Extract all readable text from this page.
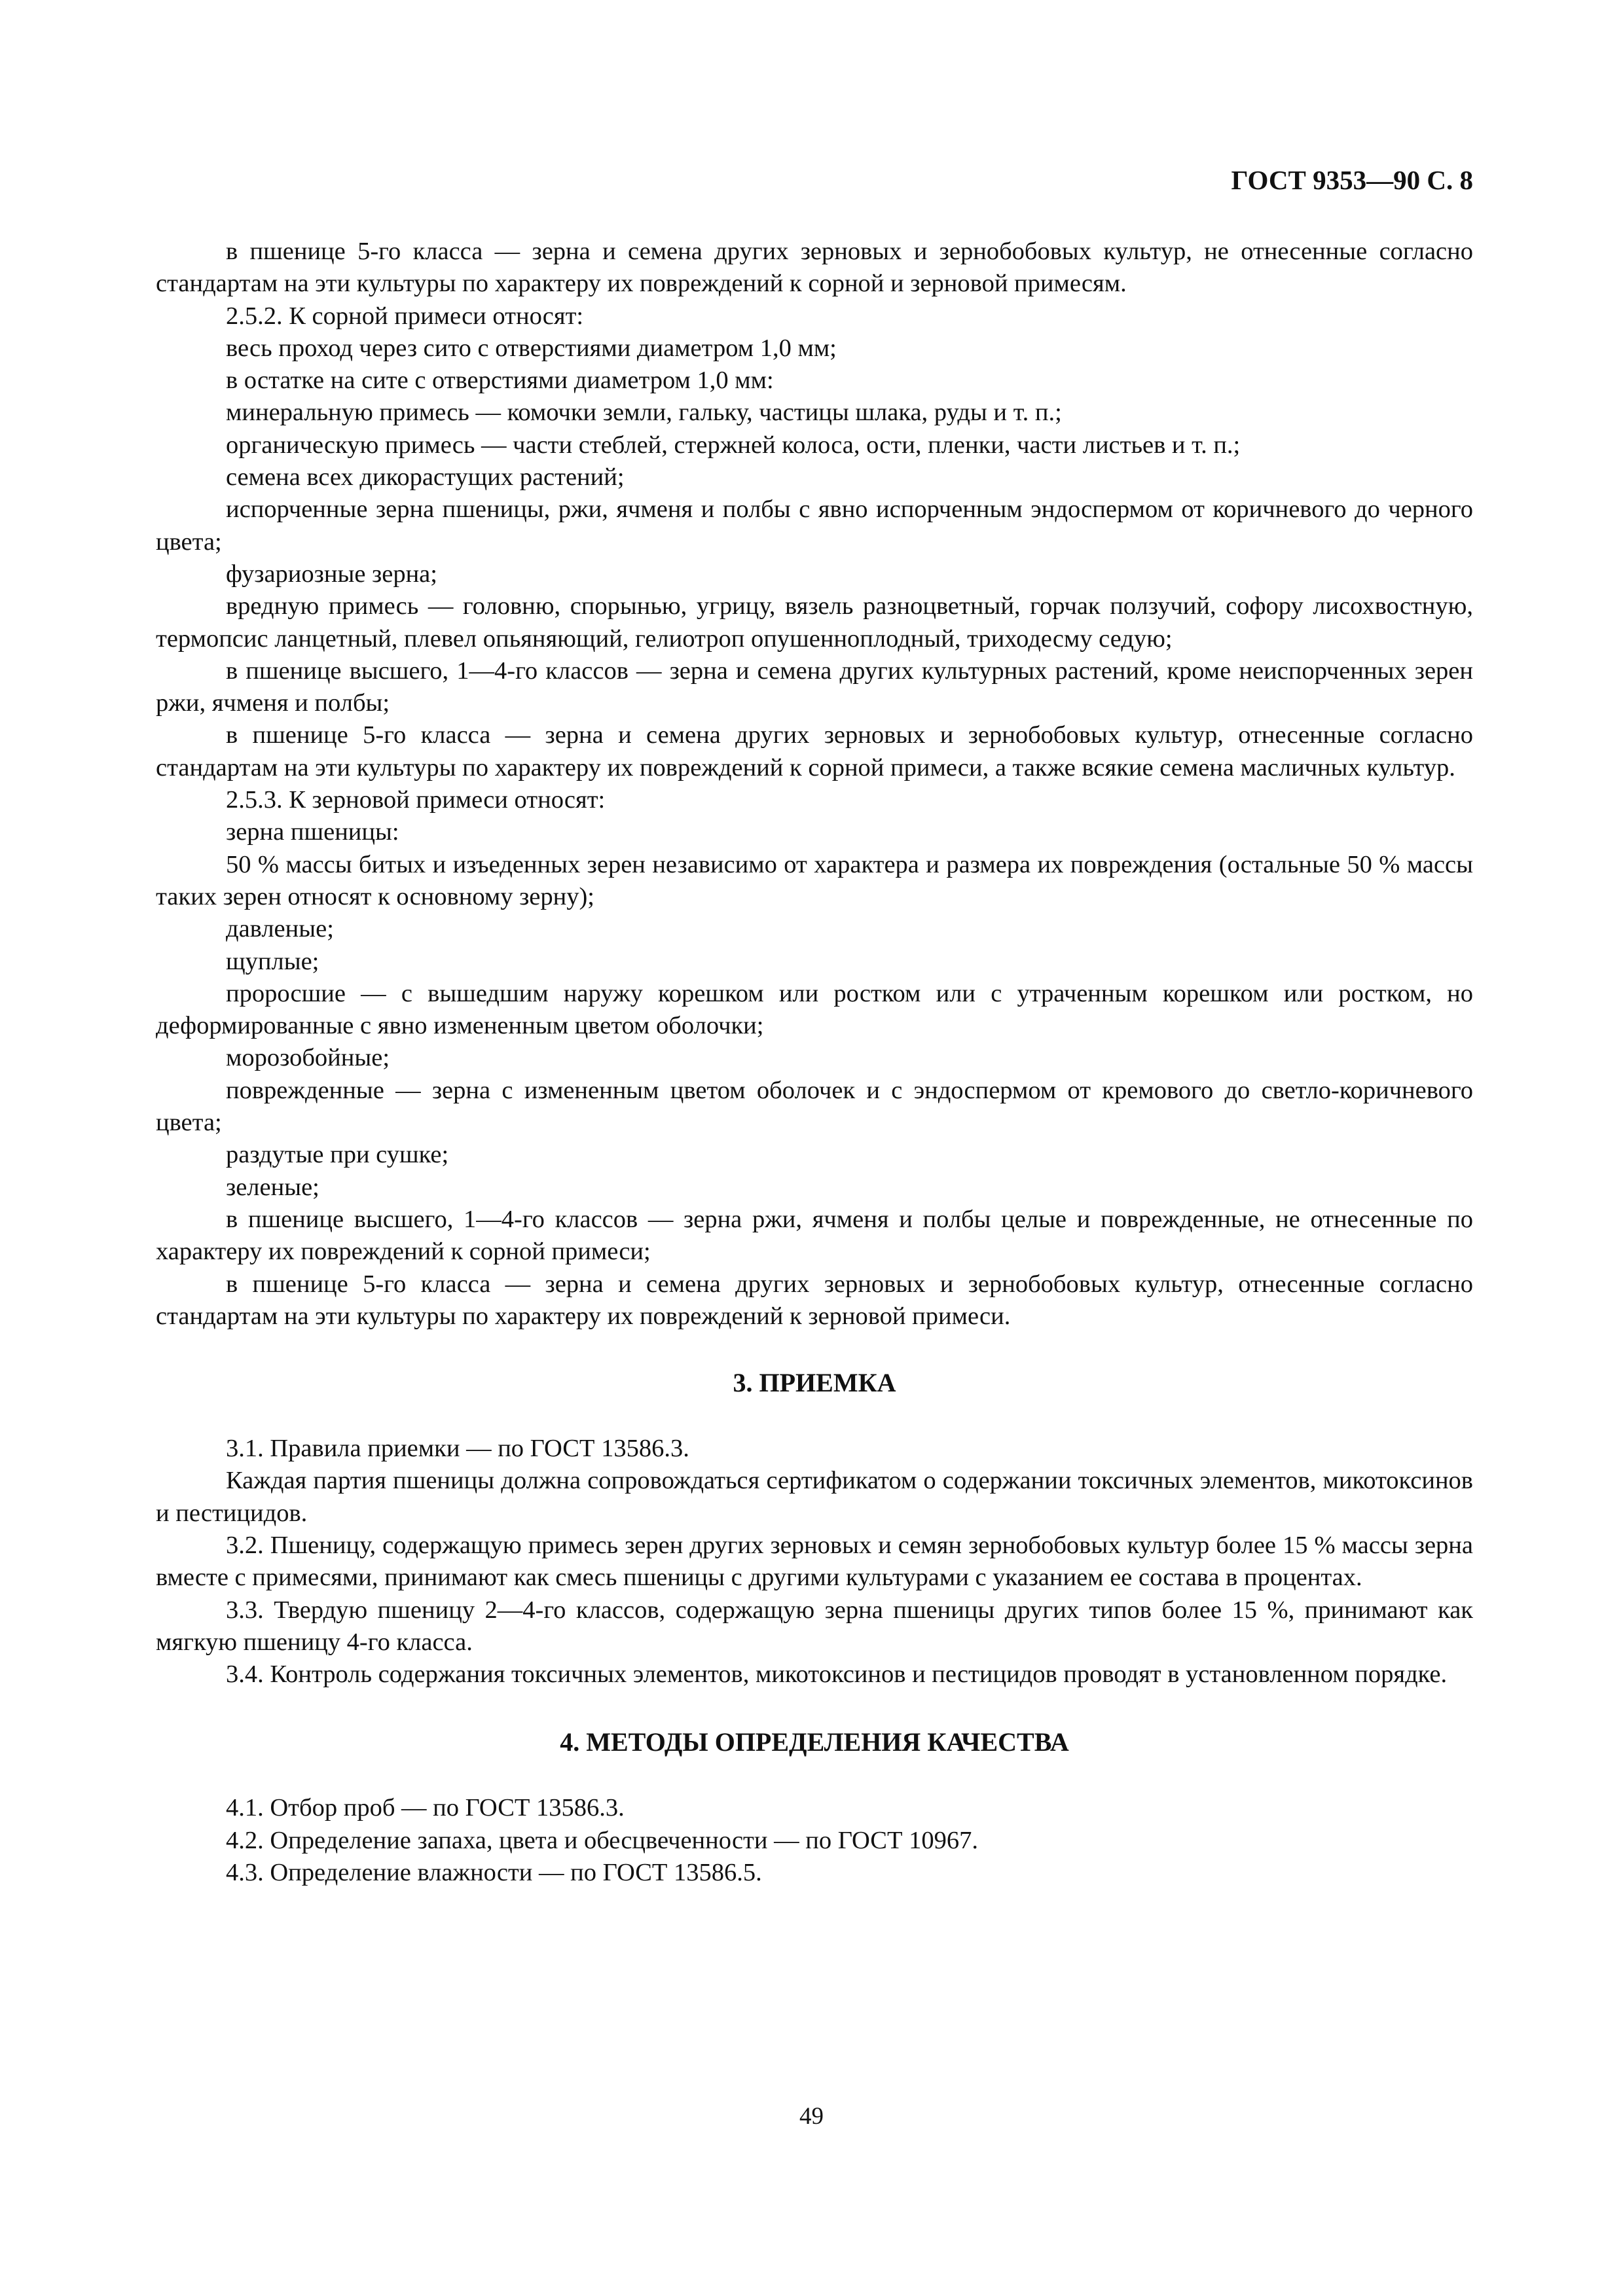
ГОСТ 9353—90 С. 8

в пшенице 5-го класса — зерна и семена других зерновых и зернобобовых культур, не отнесенные согласно стандартам на эти культуры по характеру их повреждений к сорной и зерновой примесям.

2.5.2. К сорной примеси относят:

весь проход через сито с отверстиями диаметром 1,0 мм;

в остатке на сите с отверстиями диаметром 1,0 мм:

минеральную примесь — комочки земли, гальку, частицы шлака, руды и т. п.;

органическую примесь — части стеблей, стержней колоса, ости, пленки, части листьев и т. п.;

семена всех дикорастущих растений;

испорченные зерна пшеницы, ржи, ячменя и полбы с явно испорченным эндоспермом от коричневого до черного цвета;

фузариозные зерна;

вредную примесь — головню, спорынью, угрицу, вязель разноцветный, горчак ползучий, софору лисохвостную, термопсис ланцетный, плевел опьяняющий, гелиотроп опушенноплодный, триходесму седую;

в пшенице высшего, 1—4-го классов — зерна и семена других культурных растений, кроме неиспорченных зерен ржи, ячменя и полбы;

в пшенице 5-го класса — зерна и семена других зерновых и зернобобовых культур, отнесенные согласно стандартам на эти культуры по характеру их повреждений к сорной примеси, а также всякие семена масличных культур.

2.5.3. К зерновой примеси относят:

зерна пшеницы:

50 % массы битых и изъеденных зерен независимо от характера и размера их повреждения (остальные 50 % массы таких зерен относят к основному зерну);

давленые;

щуплые;

проросшие — с вышедшим наружу корешком или ростком или с утраченным корешком или ростком, но деформированные с явно измененным цветом оболочки;

морозобойные;

поврежденные — зерна с измененным цветом оболочек и с эндоспермом от кремового до светло-коричневого цвета;

раздутые при сушке;

зеленые;

в пшенице высшего, 1—4-го классов — зерна ржи, ячменя и полбы целые и поврежденные, не отнесенные по характеру их повреждений к сорной примеси;

в пшенице 5-го класса — зерна и семена других зерновых и зернобобовых культур, отнесенные согласно стандартам на эти культуры по характеру их повреждений к зерновой примеси.

3. ПРИЕМКА

3.1. Правила приемки — по ГОСТ 13586.3.

Каждая партия пшеницы должна сопровождаться сертификатом о содержании токсичных элементов, микотоксинов и пестицидов.

3.2. Пшеницу, содержащую примесь зерен других зерновых и семян зернобобовых культур более 15 % массы зерна вместе с примесями, принимают как смесь пшеницы с другими культурами с указанием ее состава в процентах.

3.3. Твердую пшеницу 2—4-го классов, содержащую зерна пшеницы других типов более 15 %, принимают как мягкую пшеницу 4-го класса.

3.4. Контроль содержания токсичных элементов, микотоксинов и пестицидов проводят в установленном порядке.

4. МЕТОДЫ ОПРЕДЕЛЕНИЯ КАЧЕСТВА

4.1. Отбор проб — по ГОСТ 13586.3.

4.2. Определение запаха, цвета и обесцвеченности — по ГОСТ 10967.

4.3. Определение влажности — по ГОСТ 13586.5.

49
